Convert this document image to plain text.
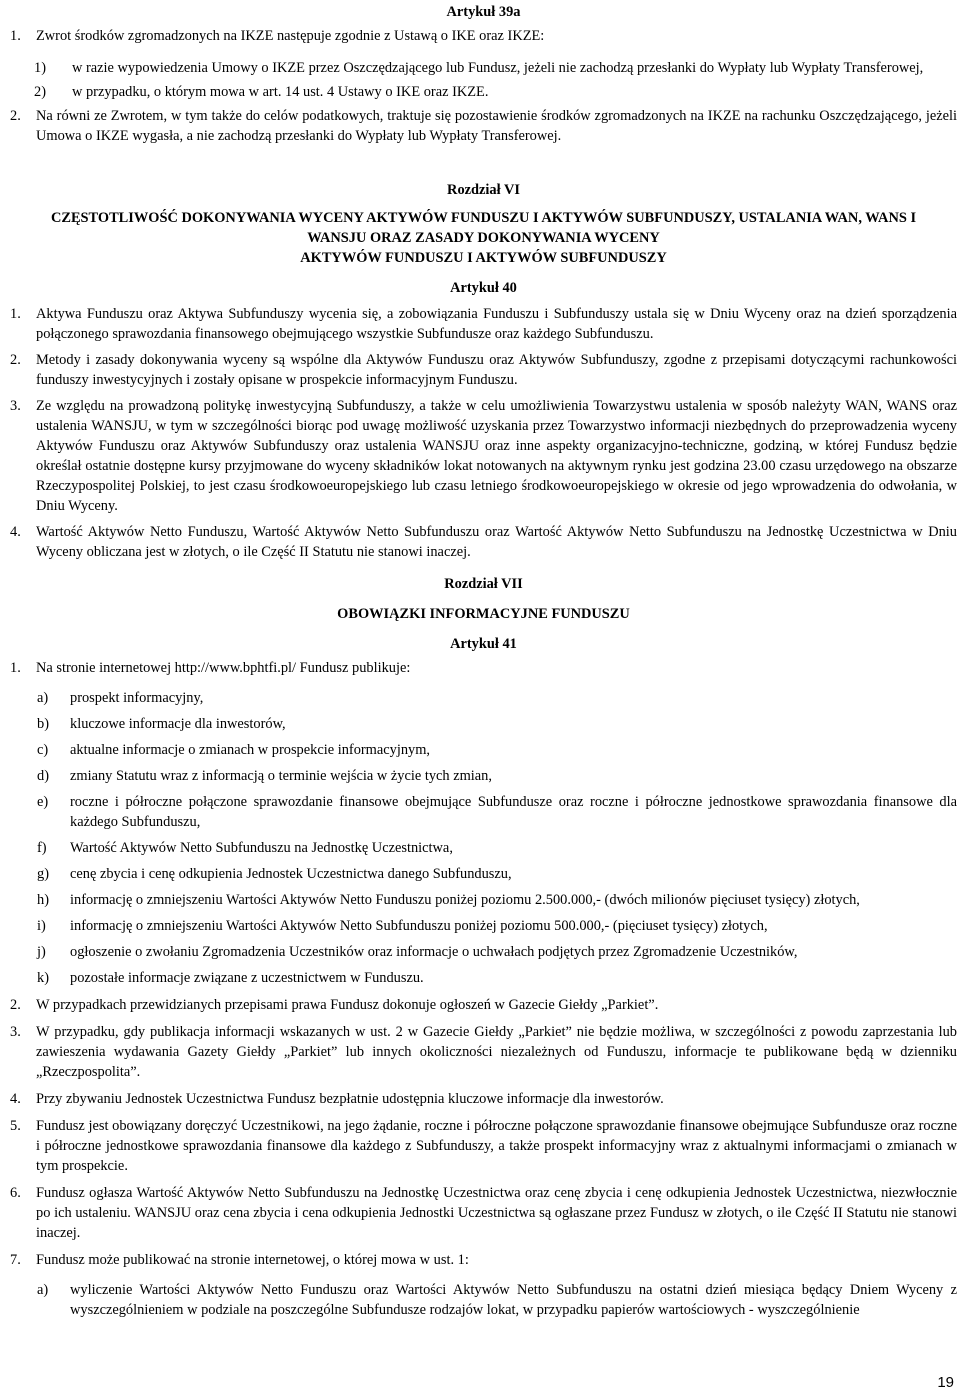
Artykuł 39a
1. Zwrot środków zgromadzonych na IKZE następuje zgodnie z Ustawą o IKE oraz IKZE:
1) w razie wypowiedzenia Umowy o IKZE przez Oszczędzającego lub Fundusz, jeżeli nie zachodzą przesłanki do Wypłaty lub Wypłaty Transferowej,
2) w przypadku, o którym mowa w art. 14 ust. 4 Ustawy o IKE oraz IKZE.
2. Na równi ze Zwrotem, w tym także do celów podatkowych, traktuje się pozostawienie środków zgromadzonych na IKZE na rachunku Oszczędzającego, jeżeli Umowa o IKZE wygasła, a nie zachodzą przesłanki do Wypłaty lub Wypłaty Transferowej.
Rozdział VI
CZĘSTOTLIWOŚĆ DOKONYWANIA WYCENY AKTYWÓW FUNDUSZU I AKTYWÓW SUBFUNDUSZY, USTALANIA WAN, WANS I
WANSJU ORAZ ZASADY DOKONYWANIA WYCENY
AKTYWÓW FUNDUSZU I AKTYWÓW SUBFUNDUSZY
Artykuł 40
1. Aktywa Funduszu oraz Aktywa Subfunduszy wycenia się, a zobowiązania Funduszu i Subfunduszy ustala się w Dniu Wyceny oraz na dzień sporządzenia połączonego sprawozdania finansowego obejmującego wszystkie Subfundusze oraz każdego Subfunduszu.
2. Metody i zasady dokonywania wyceny są wspólne dla Aktywów Funduszu oraz Aktywów Subfunduszy, zgodne z przepisami dotyczącymi rachunkowości funduszy inwestycyjnych i zostały opisane w prospekcie informacyjnym Funduszu.
3. Ze względu na prowadzoną politykę inwestycyjną Subfunduszy, a także w celu umożliwienia Towarzystwu ustalenia w sposób należyty WAN, WANS oraz ustalenia WANSJU, w tym w szczególności biorąc pod uwagę możliwość uzyskania przez Towarzystwo informacji niezbędnych do przeprowadzenia wyceny Aktywów Funduszu oraz Aktywów Subfunduszy oraz ustalenia WANSJU oraz inne aspekty organizacyjno-techniczne, godziną, w której Fundusz będzie określał ostatnie dostępne kursy przyjmowane do wyceny składników lokat notowanych na aktywnym rynku jest godzina 23.00 czasu urzędowego na obszarze Rzeczypospolitej Polskiej, to jest czasu środkowoeuropejskiego lub czasu letniego środkowoeuropejskiego w okresie od jego wprowadzenia do odwołania, w Dniu Wyceny.
4. Wartość Aktywów Netto Funduszu, Wartość Aktywów Netto Subfunduszu oraz Wartość Aktywów Netto Subfunduszu na Jednostkę Uczestnictwa w Dniu Wyceny obliczana jest w złotych, o ile Część II Statutu nie stanowi inaczej.
Rozdział VII
OBOWIĄZKI INFORMACYJNE FUNDUSZU
Artykuł 41
1. Na stronie internetowej http://www.bphtfi.pl/ Fundusz publikuje:
a) prospekt informacyjny,
b) kluczowe informacje dla inwestorów,
c) aktualne informacje o zmianach w prospekcie informacyjnym,
d) zmiany Statutu wraz z informacją o terminie wejścia w życie tych zmian,
e) roczne i półroczne połączone sprawozdanie finansowe obejmujące Subfundusze oraz roczne i półroczne jednostkowe sprawozdania finansowe dla każdego Subfunduszu,
f) Wartość Aktywów Netto Subfunduszu na Jednostkę Uczestnictwa,
g) cenę zbycia i cenę odkupienia Jednostek Uczestnictwa danego Subfunduszu,
h) informację o zmniejszeniu Wartości Aktywów Netto Funduszu poniżej poziomu 2.500.000,- (dwóch milionów pięciuset tysięcy) złotych,
i) informację o zmniejszeniu Wartości Aktywów Netto Subfunduszu poniżej poziomu 500.000,- (pięciuset tysięcy) złotych,
j) ogłoszenie o zwołaniu Zgromadzenia Uczestników oraz informacje o uchwałach podjętych przez Zgromadzenie Uczestników,
k) pozostałe informacje związane z uczestnictwem w Funduszu.
2. W przypadkach przewidzianych przepisami prawa Fundusz dokonuje ogłoszeń w Gazecie Giełdy „Parkiet”.
3. W przypadku, gdy publikacja informacji wskazanych w ust. 2 w Gazecie Giełdy „Parkiet” nie będzie możliwa, w szczególności z powodu zaprzestania lub zawieszenia wydawania Gazety Giełdy „Parkiet” lub innych okoliczności niezależnych od Funduszu, informacje te publikowane będą w dzienniku „Rzeczpospolita”.
4. Przy zbywaniu Jednostek Uczestnictwa Fundusz bezpłatnie udostępnia kluczowe informacje dla inwestorów.
5. Fundusz jest obowiązany doręczyć Uczestnikowi, na jego żądanie, roczne i półroczne połączone sprawozdanie finansowe obejmujące Subfundusze oraz roczne i półroczne jednostkowe sprawozdania finansowe dla każdego z Subfunduszy, a także prospekt informacyjny wraz z aktualnymi informacjami o zmianach w tym prospekcie.
6. Fundusz ogłasza Wartość Aktywów Netto Subfunduszu na Jednostkę Uczestnictwa oraz cenę zbycia i cenę odkupienia Jednostek Uczestnictwa, niezwłocznie po ich ustaleniu. WANSJU oraz cena zbycia i cena odkupienia Jednostki Uczestnictwa są ogłaszane przez Fundusz w złotych, o ile Część II Statutu nie stanowi inaczej.
7. Fundusz może publikować na stronie internetowej, o której mowa w ust. 1:
a) wyliczenie Wartości Aktywów Netto Funduszu oraz Wartości Aktywów Netto Subfunduszu na ostatni dzień miesiąca będący Dniem Wyceny z wyszczególnieniem w podziale na poszczególne Subfundusze rodzajów lokat, w przypadku papierów wartościowych - wyszczególnienie
19
